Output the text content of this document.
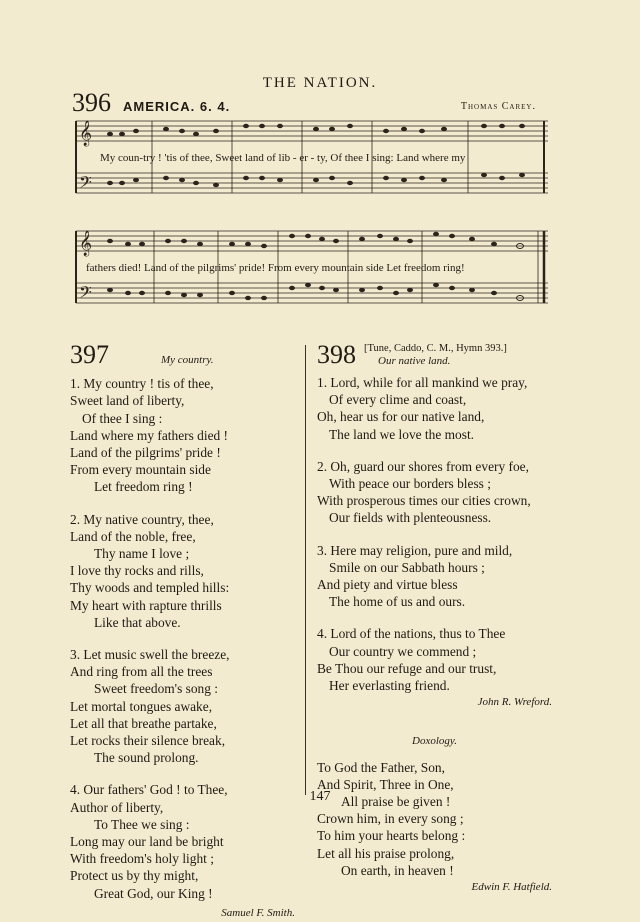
THE NATION.
396 AMERICA. 6. 4.	Thomas Carey.
𝄞
𝄢
My coun-try ! 'tis of thee, Sweet land of lib - er - ty, Of thee I sing: Land where my
𝄞
𝄢
fathers died! Land of the pilgrims' pride! From every mountain side Let freedom ring!
397	My country.
1. My country ! tis of thee,
Sweet land of liberty,
Of thee I sing :
Land where my fathers died !
Land of the pilgrims' pride !
From every mountain side
Let freedom ring !
2. My native country, thee,
Land of the noble, free,
Thy name I love ;
I love thy rocks and rills,
Thy woods and templed hills:
My heart with rapture thrills
Like that above.
3. Let music swell the breeze,
And ring from all the trees
Sweet freedom's song :
Let mortal tongues awake,
Let all that breathe partake,
Let rocks their silence break,
The sound prolong.
4. Our fathers' God ! to Thee,
Author of liberty,
To Thee we sing :
Long may our land be bright
With freedom's holy light ;
Protect us by thy might,
Great God, our King !
Samuel F. Smith.
398 [Tune, Caddo, C. M., Hymn 393.]
Our native land.
1. Lord, while for all mankind we pray,
Of every clime and coast,
Oh, hear us for our native land,
The land we love the most.
2. Oh, guard our shores from every foe,
With peace our borders bless ;
With prosperous times our cities crown,
Our fields with plenteousness.
3. Here may religion, pure and mild,
Smile on our Sabbath hours ;
And piety and virtue bless
The home of us and ours.
4. Lord of the nations, thus to Thee
Our country we commend ;
Be Thou our refuge and our trust,
Her everlasting friend.
John R. Wreford.
Doxology.
To God the Father, Son,
And Spirit, Three in One,
All praise be given !
Crown him, in every song ;
To him your hearts belong :
Let all his praise prolong,
On earth, in heaven !
Edwin F. Hatfield.
147
